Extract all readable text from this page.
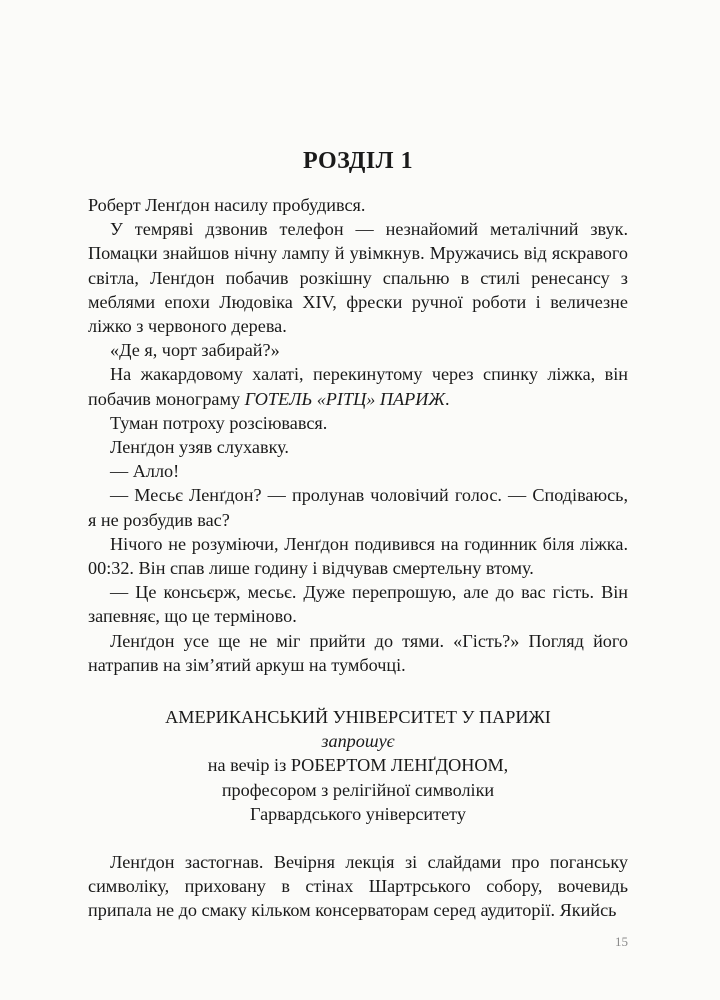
РОЗДІЛ 1

Роберт Ленґдон насилу пробудився.

У темряві дзвонив телефон — незнайомий металічний звук. Помацки знайшов нічну лампу й увімкнув. Мружачись від яскравого світла, Ленґдон побачив розкішну спальню в стилі ренесансу з меблями епохи Людовіка XIV, фрески ручної роботи і величезне ліжко з червоного дерева.

«Де я, чорт забирай?»

На жакардовому халаті, перекинутому через спинку ліжка, він побачив монограму ГОТЕЛЬ «РІТЦ» ПАРИЖ.

Туман потроху розсіювався.

Ленґдон узяв слухавку.

— Алло!

— Месьє Ленґдон? — пролунав чоловічий голос. — Сподіваюсь, я не розбудив вас?

Нічого не розуміючи, Ленґдон подивився на годинник біля ліжка. 00:32. Він спав лише годину і відчував смертельну втому.

— Це консьєрж, месьє. Дуже перепрошую, але до вас гість. Він запевняє, що це терміново.

Ленґдон усе ще не міг прийти до тями. «Гість?» Погляд його натрапив на зім’ятий аркуш на тумбочці.

АМЕРИКАНСЬКИЙ УНІВЕРСИТЕТ У ПАРИЖІ
запрошує
на вечір із РОБЕРТОМ ЛЕНҐДОНОМ,
професором з релігійної символіки
Гарвардського університету

Ленґдон застогнав. Вечірня лекція зі слайдами про поганську символіку, приховану в стінах Шартрського собору, вочевидь припала не до смаку кільком консерваторам серед аудиторії. Якийсь

15
